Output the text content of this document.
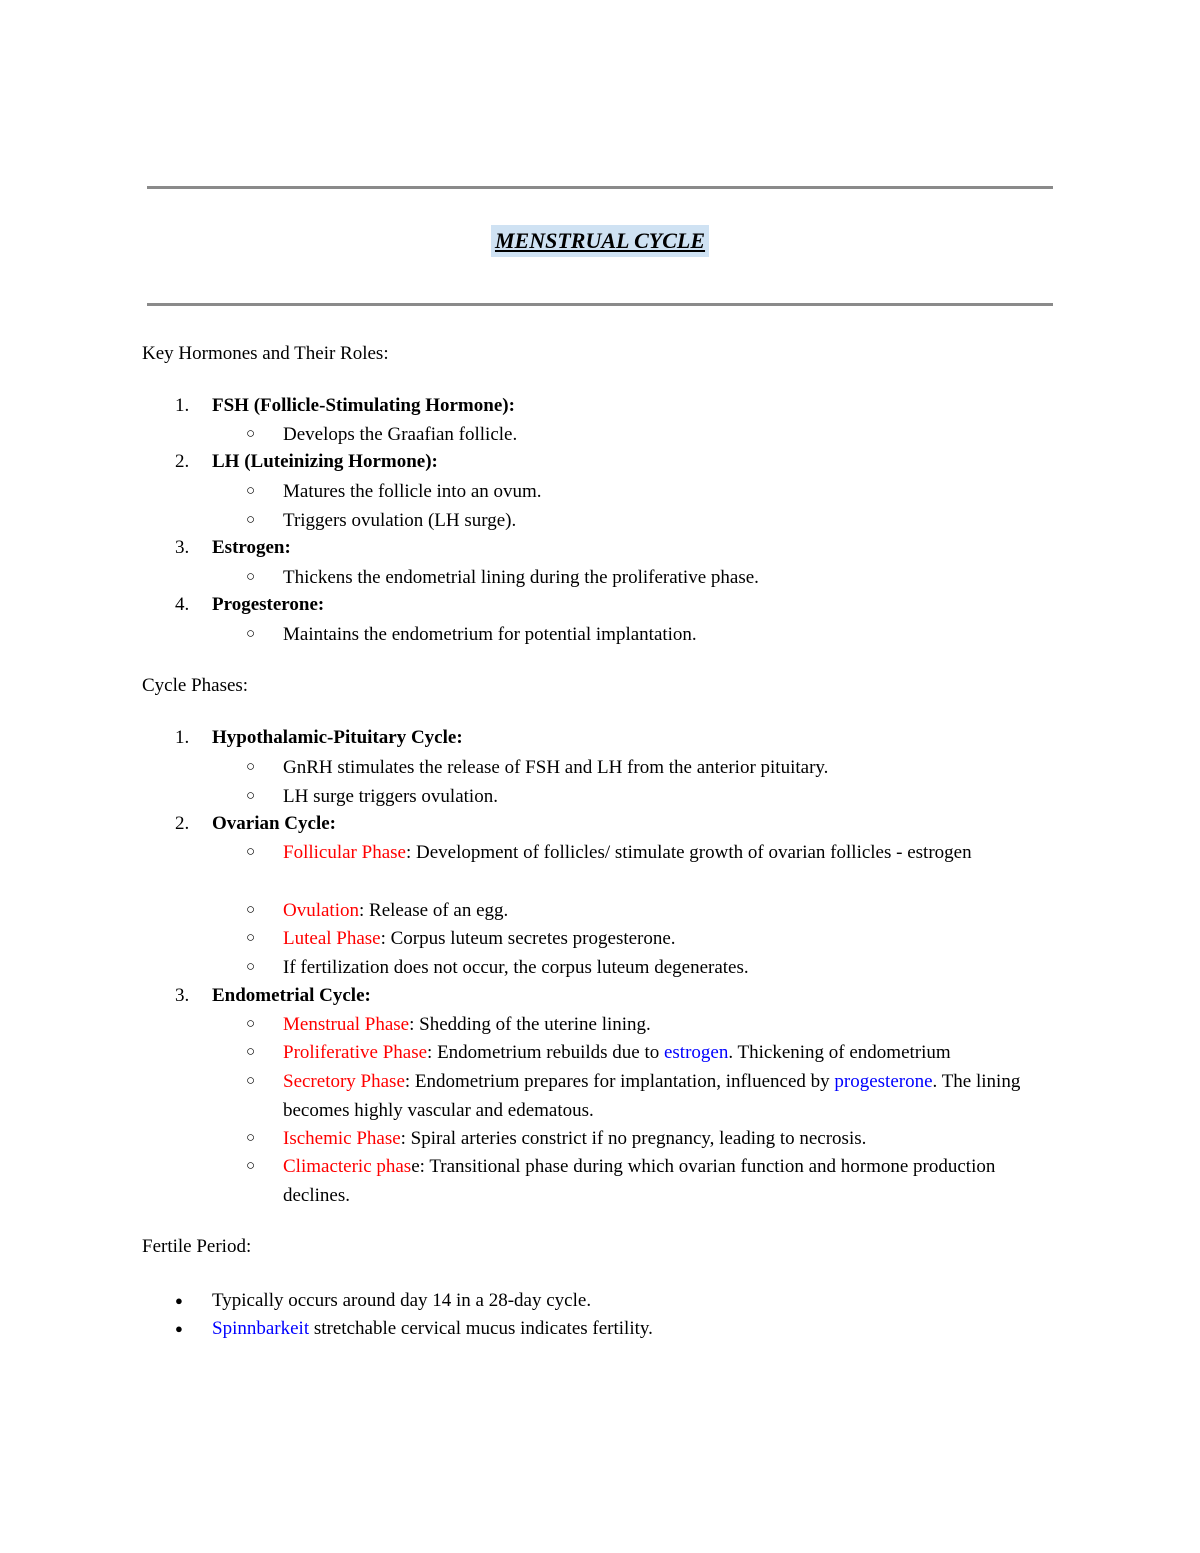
MENSTRUAL CYCLE
Key Hormones and Their Roles:
1. FSH (Follicle-Stimulating Hormone):
○	Develops the Graafian follicle.
2. LH (Luteinizing Hormone):
○	Matures the follicle into an ovum.
○	Triggers ovulation (LH surge).
3. Estrogen:
○	Thickens the endometrial lining during the proliferative phase.
4. Progesterone:
○	Maintains the endometrium for potential implantation.
Cycle Phases:
1. Hypothalamic-Pituitary Cycle:
○	GnRH stimulates the release of FSH and LH from the anterior pituitary.
○	LH surge triggers ovulation.
2. Ovarian Cycle:
○	Follicular Phase: Development of follicles/ stimulate growth of ovarian follicles - estrogen
○	Ovulation: Release of an egg.
○	Luteal Phase: Corpus luteum secretes progesterone.
○	If fertilization does not occur, the corpus luteum degenerates.
3. Endometrial Cycle:
○	Menstrual Phase: Shedding of the uterine lining.
○	Proliferative Phase: Endometrium rebuilds due to estrogen. Thickening of endometrium
○	Secretory Phase: Endometrium prepares for implantation, influenced by progesterone. The lining becomes highly vascular and edematous.
○	Ischemic Phase: Spiral arteries constrict if no pregnancy, leading to necrosis.
○	Climacteric phase: Transitional phase during which ovarian function and hormone production declines.
Fertile Period:
●	Typically occurs around day 14 in a 28-day cycle.
●	Spinnbarkeit stretchable cervical mucus indicates fertility.
